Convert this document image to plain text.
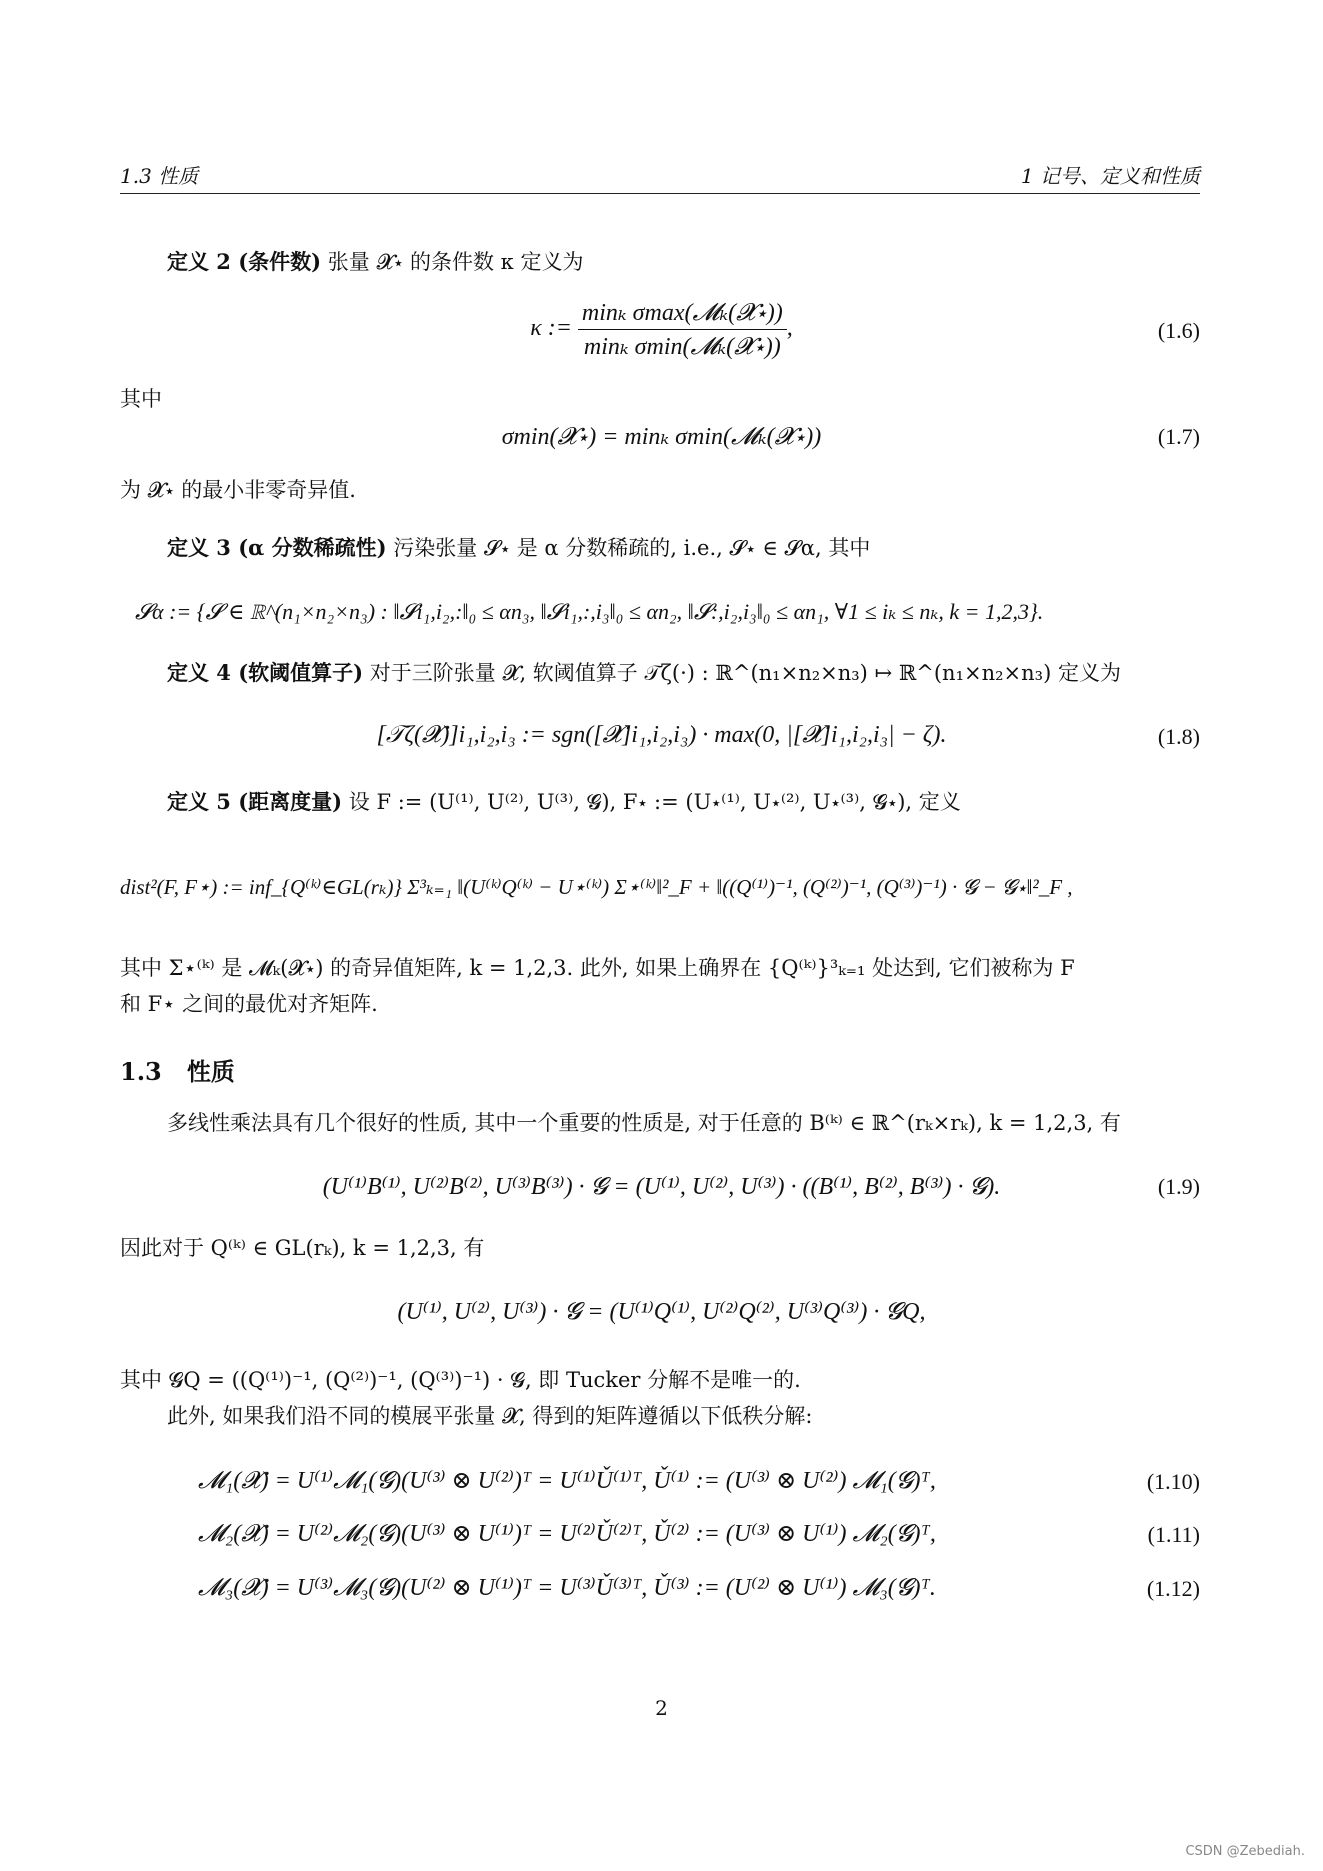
1.3 性质	1 记号、定义和性质
定义 2 (条件数) 张量 𝓧⋆ 的条件数 κ 定义为
κ := $\frac{\text{minₖ σmax(𝓜ₖ(𝓧⋆))}}{\text{minₖ σmin(𝓜ₖ(𝓧⋆))}}$ ,	(1.6)
其中
σmin(𝓧⋆) = minₖ σmin(𝓜ₖ(𝓧⋆))	(1.7)
为 𝓧⋆ 的最小非零奇异值.
定义 3 (α 分数稀疏性) 污染张量 𝓢⋆ 是 α 分数稀疏的, i.e., 𝓢⋆ ∈ 𝓢α, 其中
𝓢α := {𝓢 ∈ ℝ^(n₁×n₂×n₃) : ‖𝓢i₁,i₂,:‖₀ ≤ αn₃, ‖𝓢i₁,:,i₃‖₀ ≤ αn₂, ‖𝓢:,i₂,i₃‖₀ ≤ αn₁, ∀1 ≤ iₖ ≤ nₖ, k = 1,2,3}.
定义 4 (软阈值算子) 对于三阶张量 𝓧, 软阈值算子 𝒯ζ(·) : ℝ^(n₁×n₂×n₃) ↦ ℝ^(n₁×n₂×n₃) 定义为
[𝒯ζ(𝓧)]i₁,i₂,i₃ := sgn([𝓧]i₁,i₂,i₃) · max(0, |[𝓧]i₁,i₂,i₃| − ζ).	(1.8)
定义 5 (距离度量) 设 F := (U⁽¹⁾, U⁽²⁾, U⁽³⁾, 𝓖), F⋆ := (U⋆⁽¹⁾, U⋆⁽²⁾, U⋆⁽³⁾, 𝓖⋆), 定义
dist²(F, F⋆) := inf_{Q⁽ᵏ⁾∈GL(rₖ)} Σ³ₖ₌₁ ‖(U⁽ᵏ⁾Q⁽ᵏ⁾ − U⋆⁽ᵏ⁾) Σ⋆⁽ᵏ⁾‖²_F + ‖((Q⁽¹⁾)⁻¹, (Q⁽²⁾)⁻¹, (Q⁽³⁾)⁻¹) · 𝓖 − 𝓖⋆‖²_F ,
其中 Σ⋆⁽ᵏ⁾ 是 𝓜ₖ(𝓧⋆) 的奇异值矩阵, k = 1,2,3. 此外, 如果上确界在 {Q⁽ᵏ⁾}³ₖ₌₁ 处达到, 它们被称为 F
和 F⋆ 之间的最优对齐矩阵.
1.3 性质
多线性乘法具有几个很好的性质, 其中一个重要的性质是, 对于任意的 B⁽ᵏ⁾ ∈ ℝ^(rₖ×rₖ), k = 1,2,3, 有
(U⁽¹⁾B⁽¹⁾, U⁽²⁾B⁽²⁾, U⁽³⁾B⁽³⁾) · 𝓖 = (U⁽¹⁾, U⁽²⁾, U⁽³⁾) · ((B⁽¹⁾, B⁽²⁾, B⁽³⁾) · 𝓖).	(1.9)
因此对于 Q⁽ᵏ⁾ ∈ GL(rₖ), k = 1,2,3, 有
(U⁽¹⁾, U⁽²⁾, U⁽³⁾) · 𝓖 = (U⁽¹⁾Q⁽¹⁾, U⁽²⁾Q⁽²⁾, U⁽³⁾Q⁽³⁾) · 𝓖Q,
其中 𝓖Q = ((Q⁽¹⁾)⁻¹, (Q⁽²⁾)⁻¹, (Q⁽³⁾)⁻¹) · 𝓖, 即 Tucker 分解不是唯一的.
此外, 如果我们沿不同的模展平张量 𝓧, 得到的矩阵遵循以下低秩分解:
𝓜₁(𝓧) = U⁽¹⁾𝓜₁(𝓖)(U⁽³⁾ ⊗ U⁽²⁾)ᵀ = U⁽¹⁾Ǔ⁽¹⁾ᵀ, Ǔ⁽¹⁾ := (U⁽³⁾ ⊗ U⁽²⁾) 𝓜₁(𝓖)ᵀ,	(1.10)
𝓜₂(𝓧) = U⁽²⁾𝓜₂(𝓖)(U⁽³⁾ ⊗ U⁽¹⁾)ᵀ = U⁽²⁾Ǔ⁽²⁾ᵀ, Ǔ⁽²⁾ := (U⁽³⁾ ⊗ U⁽¹⁾) 𝓜₂(𝓖)ᵀ,	(1.11)
𝓜₃(𝓧) = U⁽³⁾𝓜₃(𝓖)(U⁽²⁾ ⊗ U⁽¹⁾)ᵀ = U⁽³⁾Ǔ⁽³⁾ᵀ, Ǔ⁽³⁾ := (U⁽²⁾ ⊗ U⁽¹⁾) 𝓜₃(𝓖)ᵀ.	(1.12)
2
CSDN @Zebediah.
